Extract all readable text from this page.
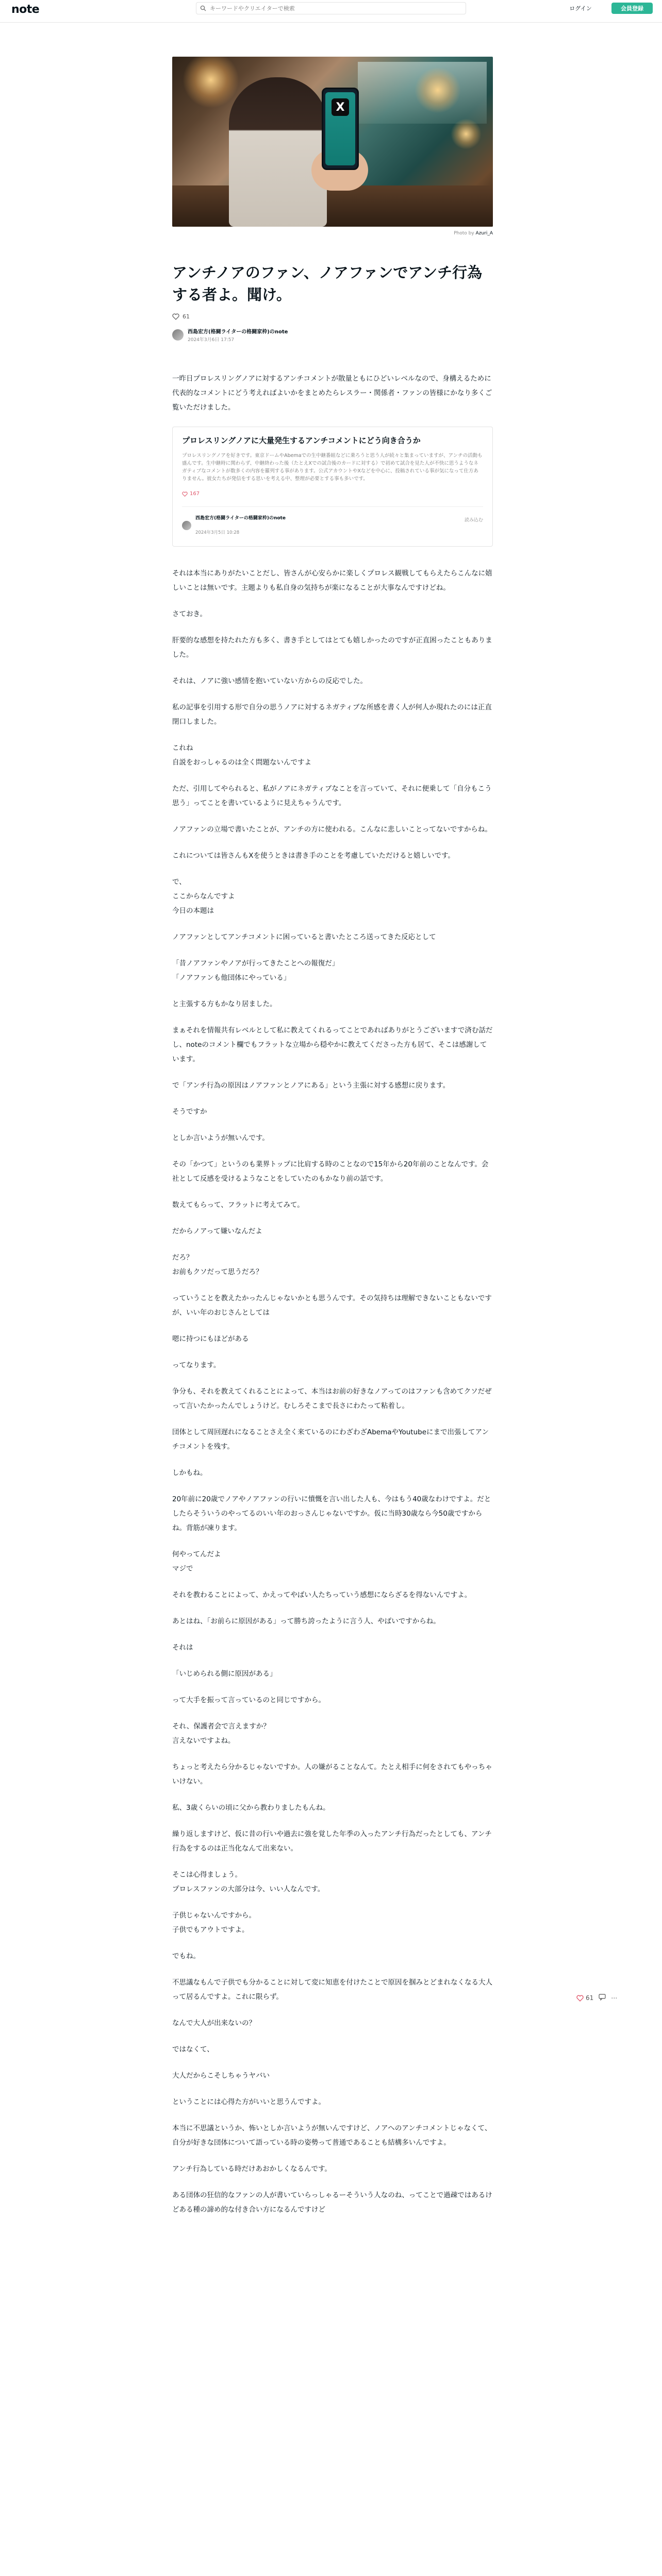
note
キーワードやクリエイターで検索	ログイン	会員登録
X
Photo by Azuri_A
アンチノアのファン、ノアファンでアンチ行為する者よ。聞け。
61
西島宏方(格闘ライターの格闘家枠)のnote
2024年3月6日 17:57

一昨日プロレスリングノアに対するアンチコメントが散量ともにひどいレベルなので、身構えるために代表的なコメントにどう考えればよいかをまとめたらレスラー・関係者・ファンの皆様にかなり多くご覧いただけました。

プロレスリングノアに大量発生するアンチコメントにどう向き合うか
プロレスリングノアを好きです。東京ドームやAbemaでの生中継番組などに乗ろうと思う人が続々と集まっていますが、アンチの活動も盛んです。生中継時に関わらず、中継終わった後（たとえXでの試合後のカードに対する）で初めて試合を見た人が不快に思うようなネガティブなコメントが数多くの内容を羅列する事があります。公式アカウントやXなどを中心に、投稿されている事が気になって仕方ありません。彼女たちが発信をする思いを考える中、整理が必要とする事も多いです。
167
西島宏方(格闘ライターの格闘家枠)のnote
2024年3月5日 10:28
読み込む

それは本当にありがたいことだし、皆さんが心安らかに楽しくプロレス観戦してもらえたらこんなに嬉しいことは無いです。主題よりも私自身の気持ちが楽になることが大事なんですけどね。

さておき。

肝要的な感想を持たれた方も多く、書き手としてはとても嬉しかったのですが正直困ったこともありました。

それは、ノアに強い感情を抱いていない方からの反応でした。

私の記事を引用する形で自分の思うノアに対するネガティブな所感を書く人が何人か現れたのには正直閉口しました。

これね
自説をおっしゃるのは全く問題ないんですよ

ただ、引用してやられると、私がノアにネガティブなことを言っていて、それに便乗して「自分もこう思う」ってことを書いているように見えちゃうんです。

ノアファンの立場で書いたことが、アンチの方に使われる。こんなに悲しいことってないですからね。

これについては皆さんもXを使うときは書き手のことを考慮していただけると嬉しいです。

で、
ここからなんですよ
今日の本題は

ノアファンとしてアンチコメントに困っていると書いたところ送ってきた反応として

「昔ノアファンやノアが行ってきたことへの報復だ」
「ノアファンも他団体にやっている」

と主張する方もかなり居ました。

まぁそれを情報共有レベルとして私に教えてくれるってことであればありがとうございますで済む話だし、noteのコメント欄でもフラットな立場から穏やかに教えてくださった方も居て、そこは感謝しています。

で「アンチ行為の原因はノアファンとノアにある」という主張に対する感想に戻ります。

そうですか

としか言いようが無いんです。

その「かつて」というのも業界トップに比肩する時のことなので15年から20年前のことなんです。会社として反感を受けるようなことをしていたのもかなり前の話です。

数えてもらって、フラットに考えてみて。

だからノアって嫌いなんだよ

だろ？
お前もクソだって思うだろ？

っていうことを教えたかったんじゃないかとも思うんです。その気持ちは理解できないこともないですが、いい年のおじさんとしては

嗯に持つにもほどがある

ってなります。

争分も、それを教えてくれることによって、本当はお前の好きなノアってのはファンも含めてクソだぜって言いたかったんでしょうけど。むしろそこまで長さにわたって粘着し。

団体として周回遅れになることさえ全く来ているのにわざわざAbemaやYoutubeにまで出張してアンチコメントを残す。

しかもね。

20年前に20歳でノアやノアファンの行いに憤慨を言い出した人も、今はもう40歳なわけですよ。だとしたらそういうのやってるのいい年のおっさんじゃないですか。仮に当時30歳なら今50歳ですからね。背筋が凍ります。

何やってんだよ
マジで

それを教わることによって、かえってやばい人たちっていう感想にならざるを得ないんですよ。

あとはね、「お前らに原因がある」って勝ち誇ったように言う人、やばいですからね。

それは

「いじめられる側に原因がある」

って大手を振って言っているのと同じですから。

それ、保護者会で言えますか？
言えないですよね。

ちょっと考えたら分かるじゃないですか。人の嫌がることなんて。たとえ相手に何をされてもやっちゃいけない。

私、3歳くらいの頃に父から教わりましたもんね。

繰り返しますけど、仮に昔の行いや過去に強を覚した年季の入ったアンチ行為だったとしても、アンチ行為をするのは正当化なんて出来ない。

そこは心得ましょう。
プロレスファンの大部分は今、いい人なんです。

子供じゃないんですから。
子供でもアウトですよ。

でもね。

不思議なもんで子供でも分かることに対して変に知恵を付けたことで原因を掴みとどまれなくなる大人って居るんですよ。これに限らず。

なんで大人が出来ないの？

ではなくて、

大人だからこそしちゃうヤバい

ということには心得た方がいいと思うんですよ。

本当に不思議というか、怖いとしか言いようが無いんですけど、ノアへのアンチコメントじゃなくて、自分が好きな団体について語っている時の姿勢って普通であることも結構多いんですよ。

アンチ行為している時だけあおかしくなるんです。

ある団体の狂信的なファンの人が書いていらっしゃるーそういう人なのね、ってことで過疎ではあるけどある種の諦め的な付き合い方になるんですけど

61	⋯
